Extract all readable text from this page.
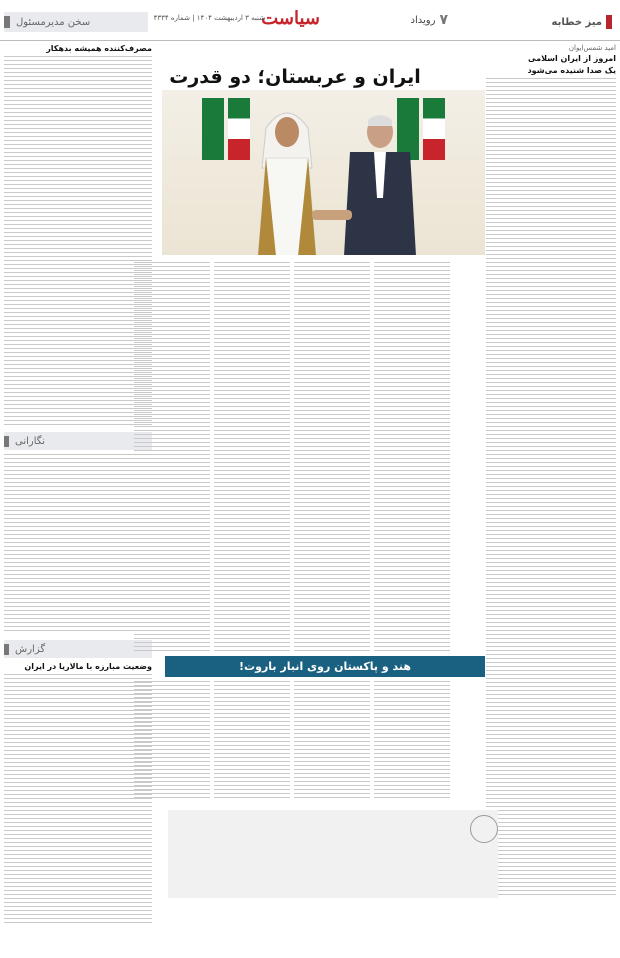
میز خطابه
۷
رویداد
سیاست
شنبه ۳ اردیبهشت ۱۴۰۴ | شماره ۴۳۳۴
سخن مدیرمسئول
مصرف‌کننده همیشه بدهکار
نگارانی
گزارش
وضعیت مبارزه با مالاریا در ایران
ایران و عربستان؛ دو قدرت
هند و پاکستان روی انبار باروت!
امید شمس‌ایوان
امروز از ایران اسلامی
یک صدا شنیده می‌شود
